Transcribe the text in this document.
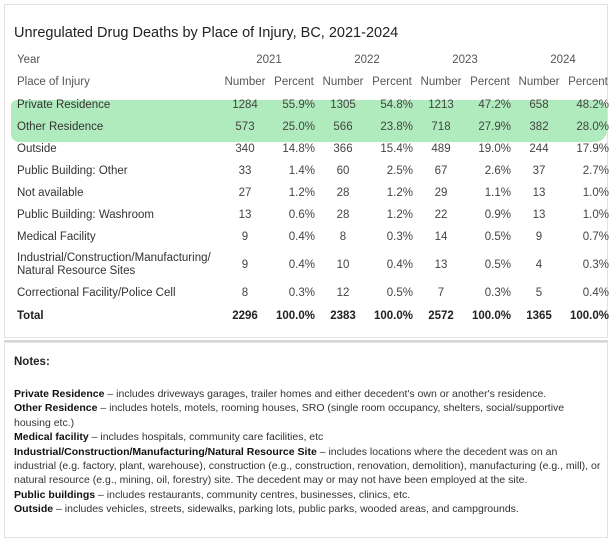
Unregulated Drug Deaths by Place of Injury, BC, 2021-2024
Year	2021		2022		2023		2024	
Place of Injury	Number	Percent	Number	Percent	Number	Percent	Number	Percent
Private Residence	1284	55.9%	1305	54.8%	1213	47.2%	658	48.2%
Other Residence	573	25.0%	566	23.8%	718	27.9%	382	28.0%
Outside	340	14.8%	366	15.4%	489	19.0%	244	17.9%
Public Building: Other	33	1.4%	60	2.5%	67	2.6%	37	2.7%
Not available	27	1.2%	28	1.2%	29	1.1%	13	1.0%
Public Building: Washroom	13	0.6%	28	1.2%	22	0.9%	13	1.0%
Medical Facility	9	0.4%	8	0.3%	14	0.5%	9	0.7%
Industrial/Construction/Manufacturing/ Natural Resource Sites	9	0.4%	10	0.4%	13	0.5%	4	0.3%
Correctional Facility/Police Cell	8	0.3%	12	0.5%	7	0.3%	5	0.4%
Total	2296	100.0%	2383	100.0%	2572	100.0%	1365	100.0%
Notes:

Private Residence – includes driveways garages, trailer homes and either decedent's own or another's residence.

Other Residence – includes hotels, motels, rooming houses, SRO (single room occupancy, shelters, social/supportive housing etc.)

Medical facility – includes hospitals, community care facilities, etc

Industrial/Construction/Manufacturing/Natural Resource Site – includes locations where the decedent was on an industrial (e.g. factory, plant, warehouse), construction (e.g., construction, renovation, demolition), manufacturing (e.g., mill), or natural resource (e.g., mining, oil, forestry) site. The decedent may or may not have been employed at the site.

Public buildings – includes restaurants, community centres, businesses, clinics, etc.

Outside – includes vehicles, streets, sidewalks, parking lots, public parks, wooded areas, and campgrounds.
